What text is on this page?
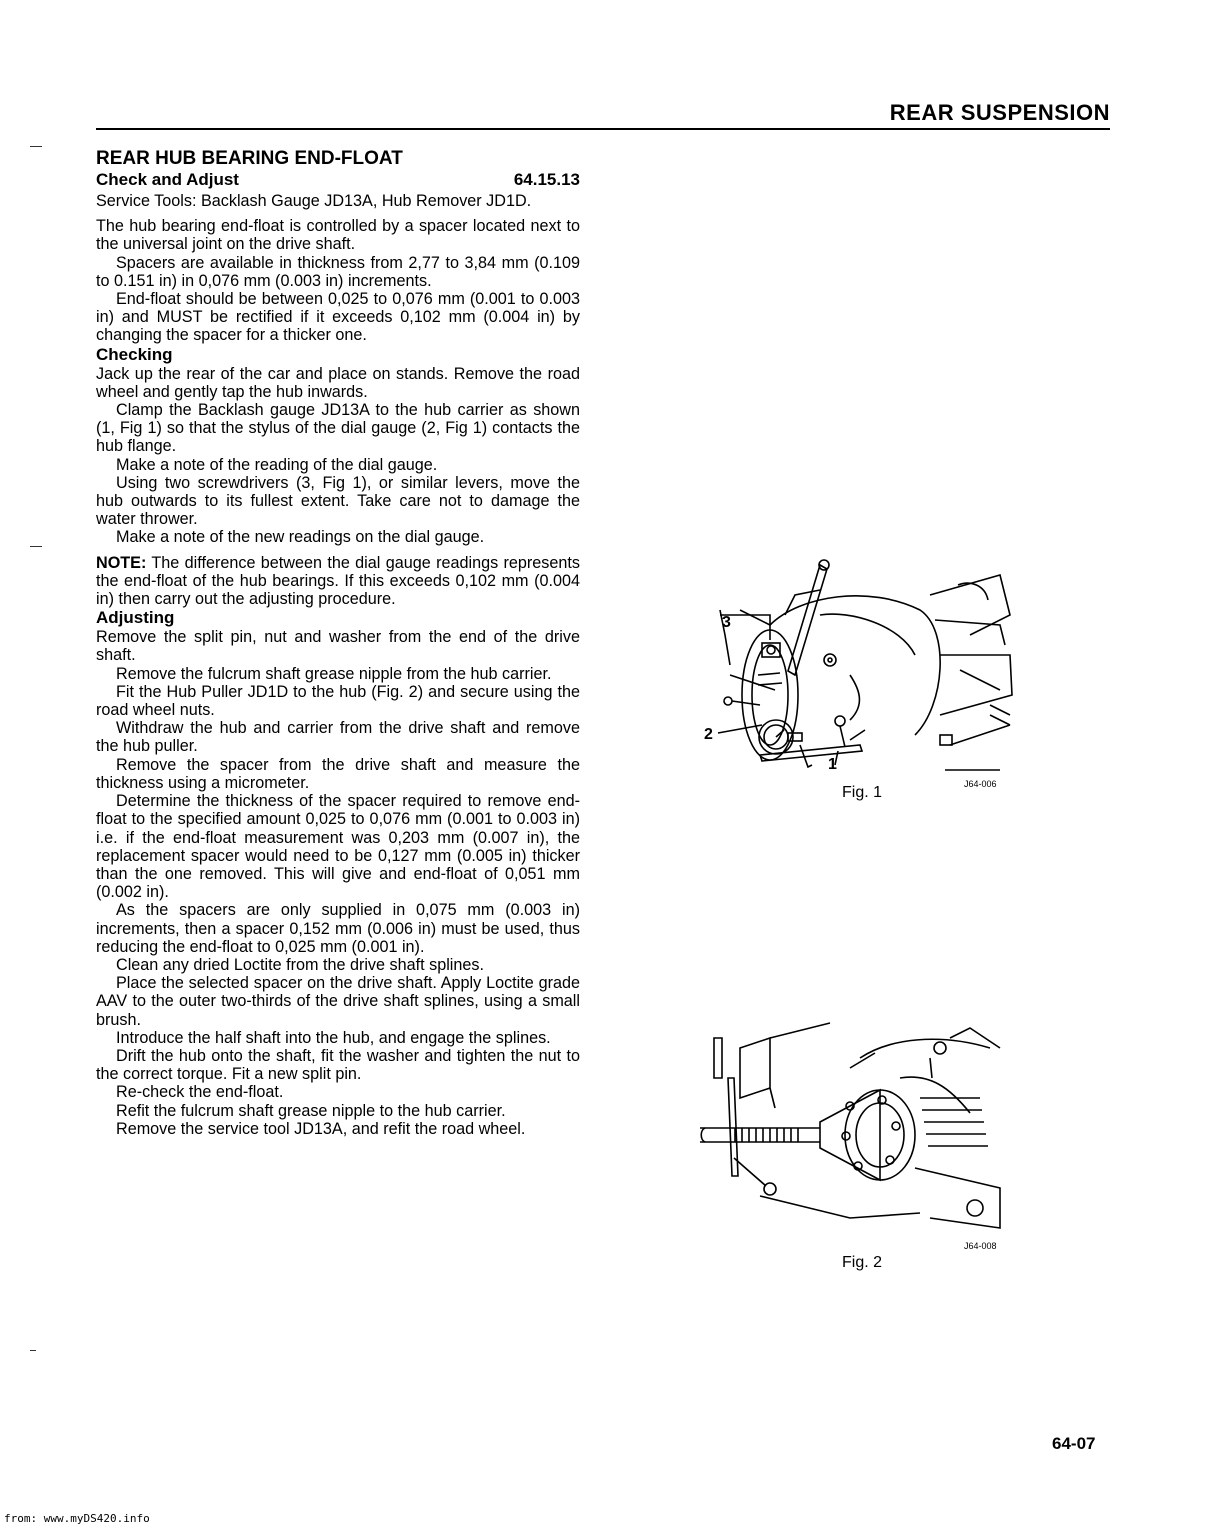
REAR SUSPENSION

REAR HUB BEARING END-FLOAT

Check and Adjust	64.15.13

Service Tools: Backlash Gauge JD13A, Hub Remover JD1D.

The hub bearing end-float is controlled by a spacer located next to the universal joint on the drive shaft.

Spacers are available in thickness from 2,77 to 3,84 mm (0.109 to 0.151 in) in 0,076 mm (0.003 in) increments.

End-float should be between 0,025 to 0,076 mm (0.001 to 0.003 in) and MUST be rectified if it exceeds 0,102 mm (0.004 in) by changing the spacer for a thicker one.

Checking

Jack up the rear of the car and place on stands. Remove the road wheel and gently tap the hub inwards.

Clamp the Backlash gauge JD13A to the hub carrier as shown (1, Fig 1) so that the stylus of the dial gauge (2, Fig 1) contacts the hub flange.

Make a note of the reading of the dial gauge.

Using two screwdrivers (3, Fig 1), or similar levers, move the hub outwards to its fullest extent. Take care not to damage the water thrower.

Make a note of the new readings on the dial gauge.

NOTE: The difference between the dial gauge readings represents the end-float of the hub bearings. If this exceeds 0,102 mm (0.004 in) then carry out the adjusting procedure.

Adjusting

Remove the split pin, nut and washer from the end of the drive shaft.

Remove the fulcrum shaft grease nipple from the hub carrier.

Fit the Hub Puller JD1D to the hub (Fig. 2) and secure using the road wheel nuts.

Withdraw the hub and carrier from the drive shaft and remove the hub puller.

Remove the spacer from the drive shaft and measure the thickness using a micrometer.

Determine the thickness of the spacer required to remove end-float to the specified amount 0,025 to 0,076 mm (0.001 to 0.003 in) i.e. if the end-float measurement was 0,203 mm (0.007 in), the replacement spacer would need to be 0,127 mm (0.005 in) thicker than the one removed. This will give and end-float of 0,051 mm (0.002 in).

As the spacers are only supplied in 0,075 mm (0.003 in) increments, then a spacer 0,152 mm (0.006 in) must be used, thus reducing the end-float to 0,025 mm (0.001 in).

Clean any dried Loctite from the drive shaft splines.

Place the selected spacer on the drive shaft. Apply Loctite grade AAV to the outer two-thirds of the drive shaft splines, using a small brush.

Introduce the half shaft into the hub, and engage the splines.

Drift the hub onto the shaft, fit the washer and tighten the nut to the correct torque. Fit a new split pin.

Re-check the end-float.

Refit the fulcrum shaft grease nipple to the hub carrier.

Remove the service tool JD13A, and refit the road wheel.

3
2
1
J64-006
Fig. 1
J64-008
Fig. 2
64-07
from: www.myDS420.info
